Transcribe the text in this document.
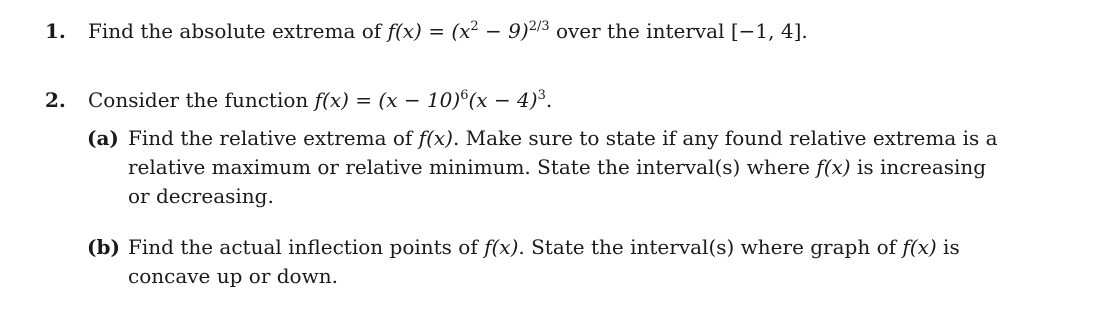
1. Find the absolute extrema of $f(x) = (x^2 - 9)^{2/3}$ over the interval [−1, 4].
2. Consider the function $f(x) = (x - 10)^6(x - 4)^3$.
(a) Find the relative extrema of f(x). Make sure to state if any found relative extrema is a
relative maximum or relative minimum. State the interval(s) where f(x) is increasing
or decreasing.
(b) Find the actual inflection points of f(x). State the interval(s) where graph of f(x) is
concave up or down.
